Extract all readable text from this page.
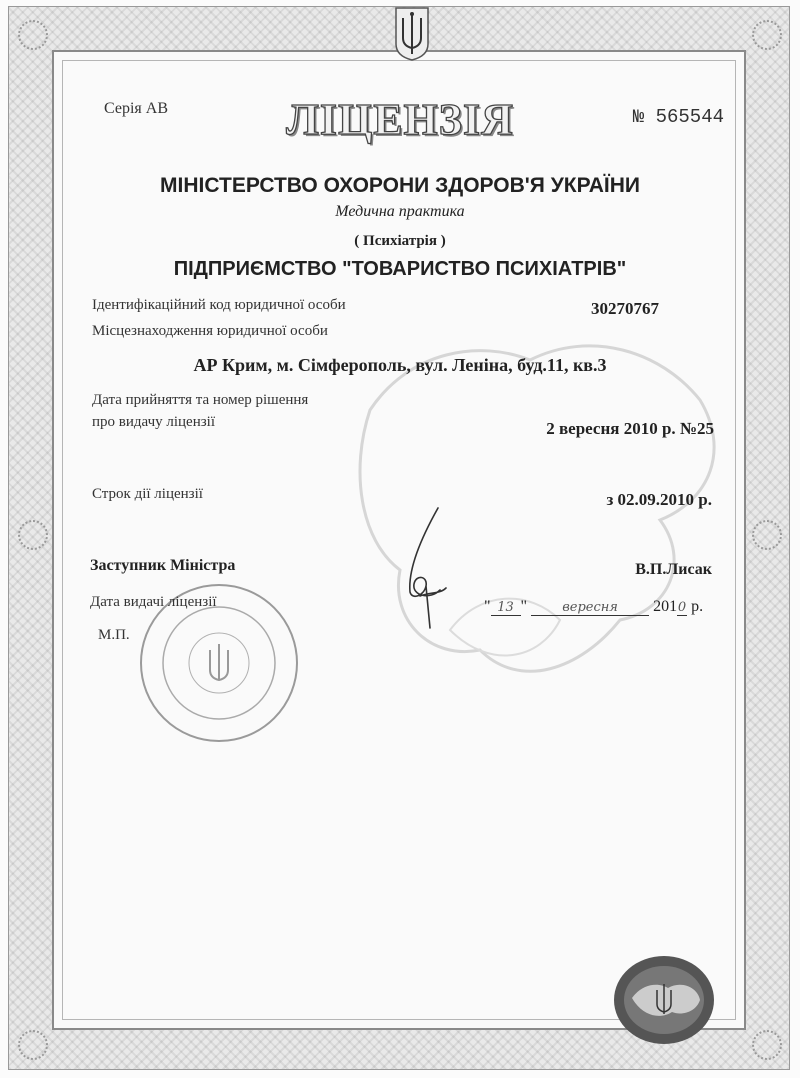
Серія АВ	ЛІЦЕНЗІЯ	№ 565544
МІНІСТЕРСТВО ОХОРОНИ ЗДОРОВ'Я УКРАЇНИ
Медична практика
( Психіатрія )
ПІДПРИЄМСТВО "ТОВАРИСТВО ПСИХІАТРІВ"
Ідентифікаційний код юридичної особи	30270767
Місцезнаходження юридичної особи
АР Крим, м. Сімферополь, вул. Леніна, буд.11, кв.3
Дата прийняття та номер рішення
про видачу ліцензії	2 вересня 2010 р. №25
Строк дії ліцензії	з 02.09.2010 р.
Заступник Міністра	В.П.Лисак
Дата видачі ліцензії	" 13 "	вересня 2010 р.
М.П.
